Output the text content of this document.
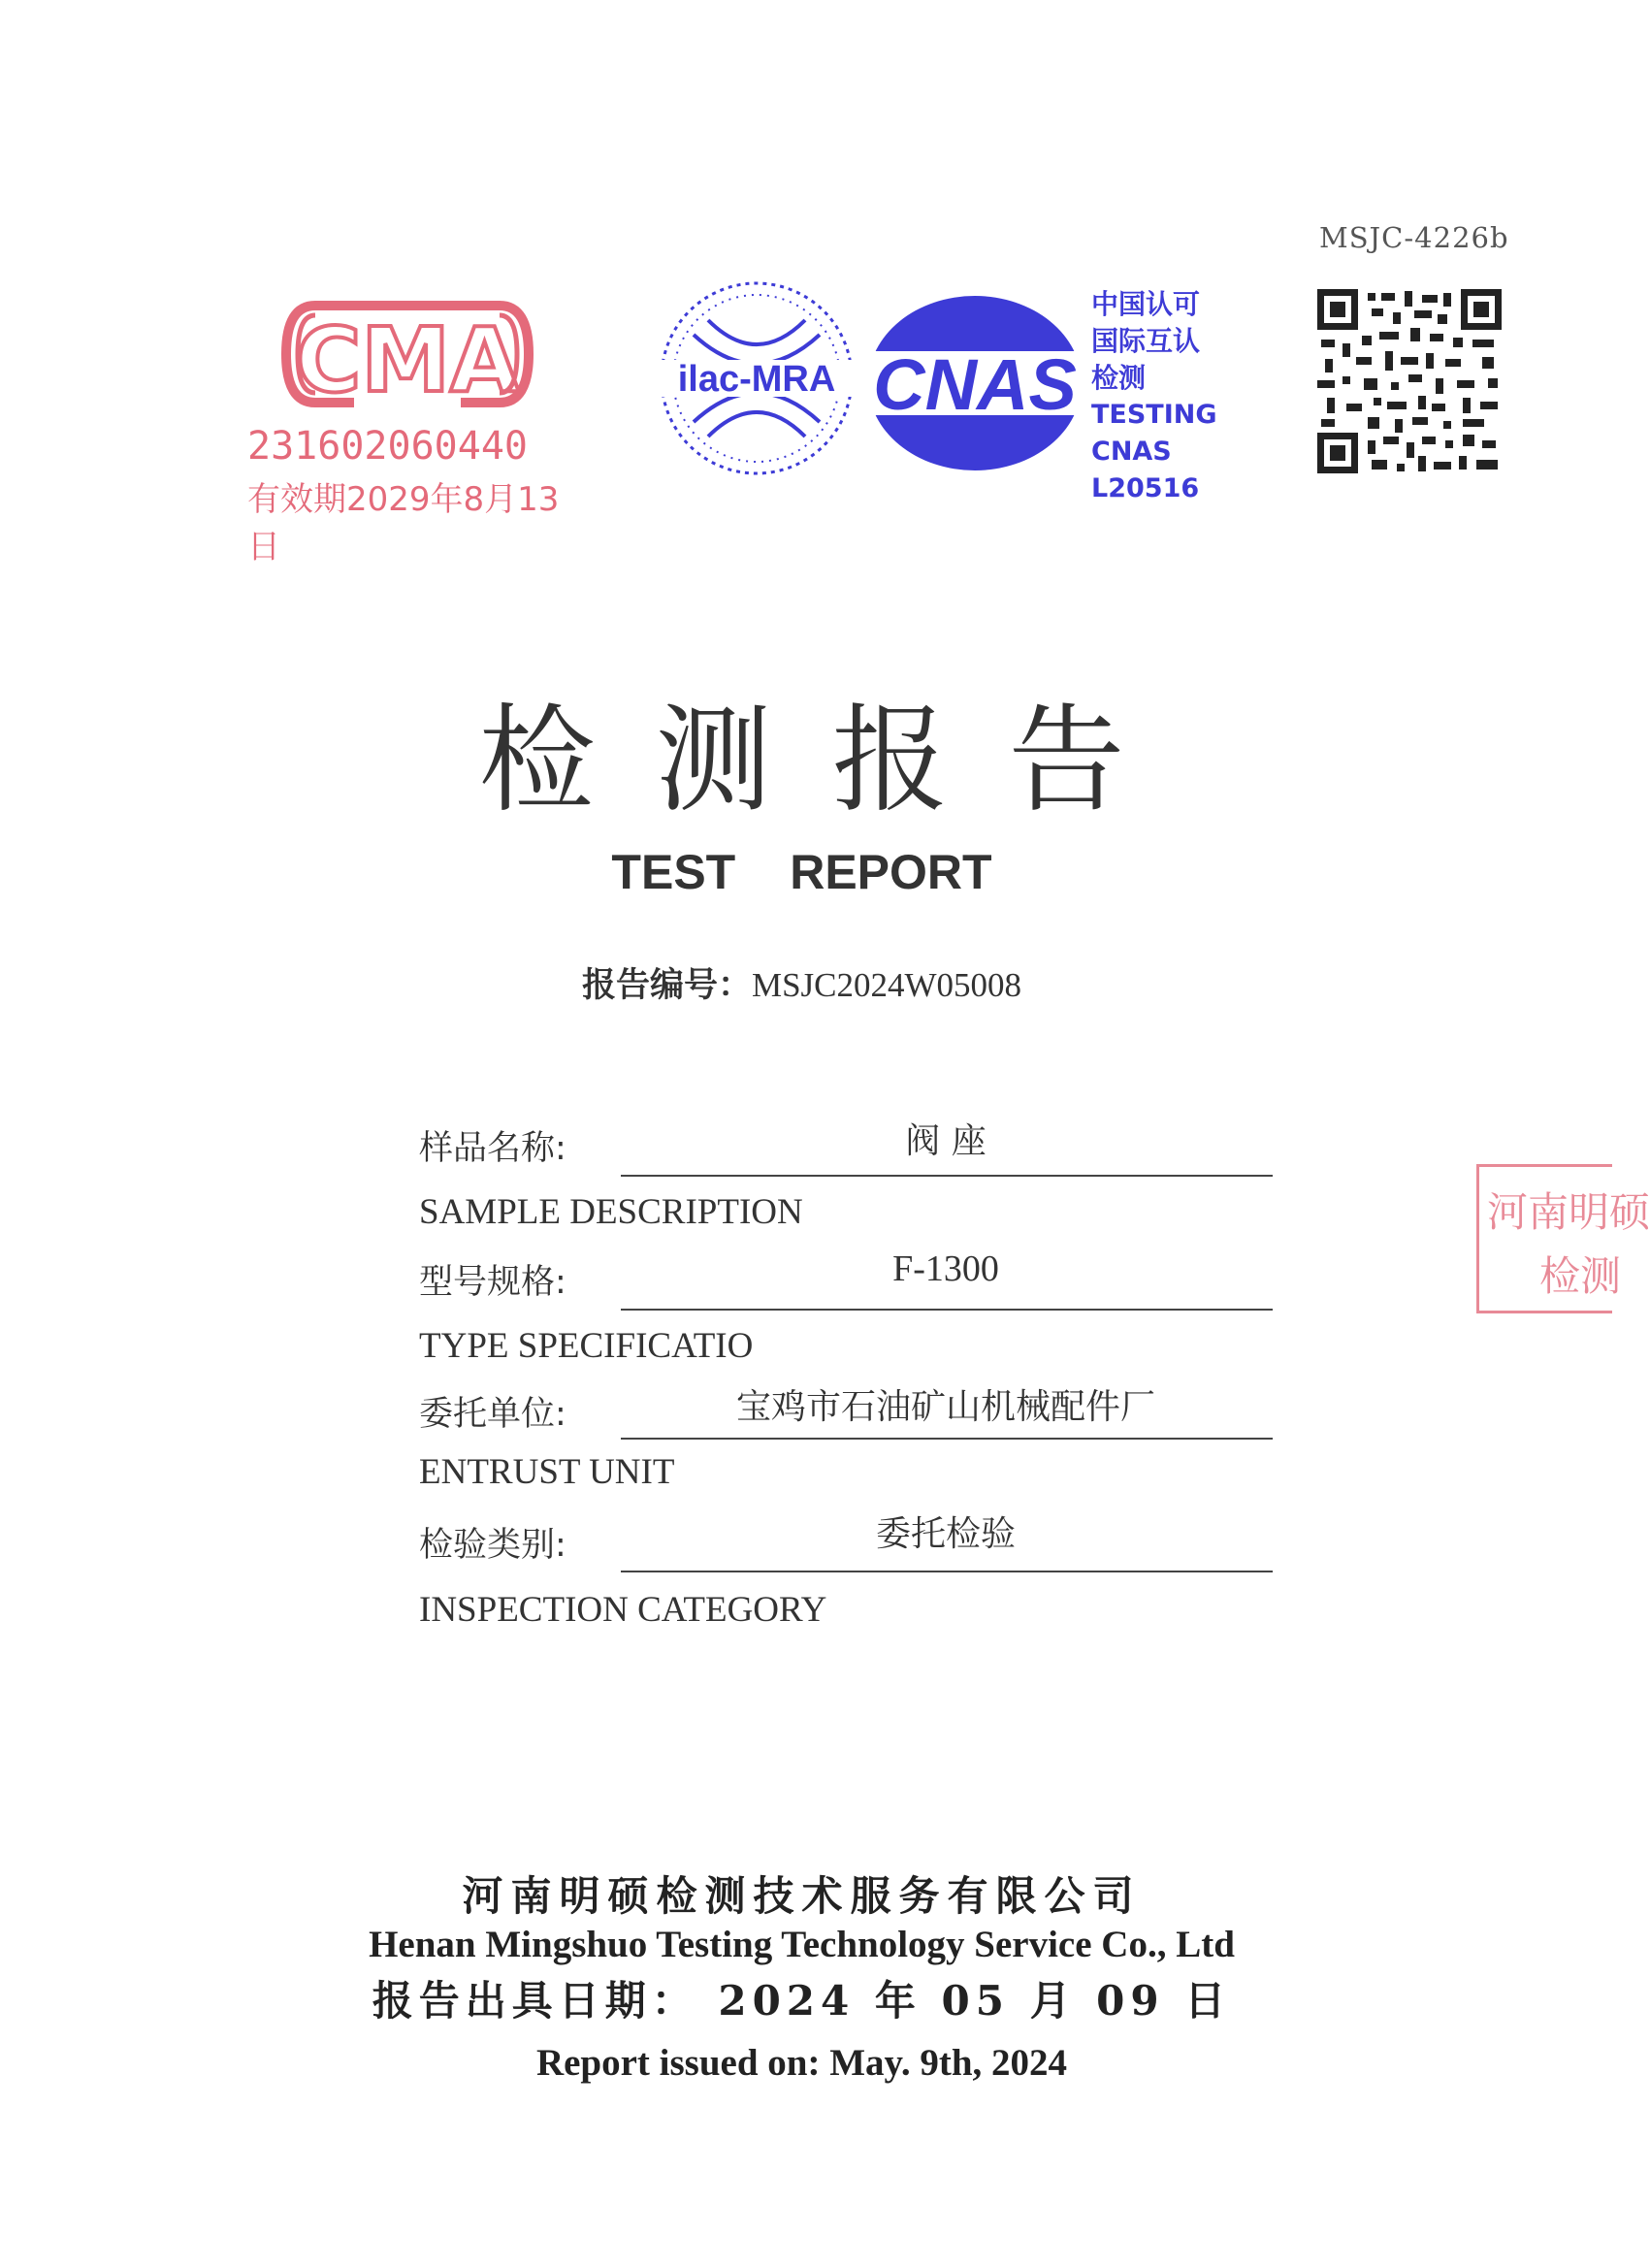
MSJC-4226b
CMA
231602060440
有效期2029年8月13日
ilac-MRA CNAS
中国认可
国际互认
检测
TESTING
CNAS L20516
检测报告
TEST REPORT
报告编号：MSJC2024W05008
样品名称:	阀 座
SAMPLE DESCRIPTION
型号规格:	F-1300
TYPE SPECIFICATIO
委托单位:	宝鸡市石油矿山机械配件厂
ENTRUST UNIT
检验类别:	委托检验
INSPECTION CATEGORY
河南明硕
检测
河南明硕检测技术服务有限公司
Henan Mingshuo Testing Technology Service Co., Ltd
报告出具日期： 2024 年 05 月 09 日
Report issued on: May. 9th, 2024
